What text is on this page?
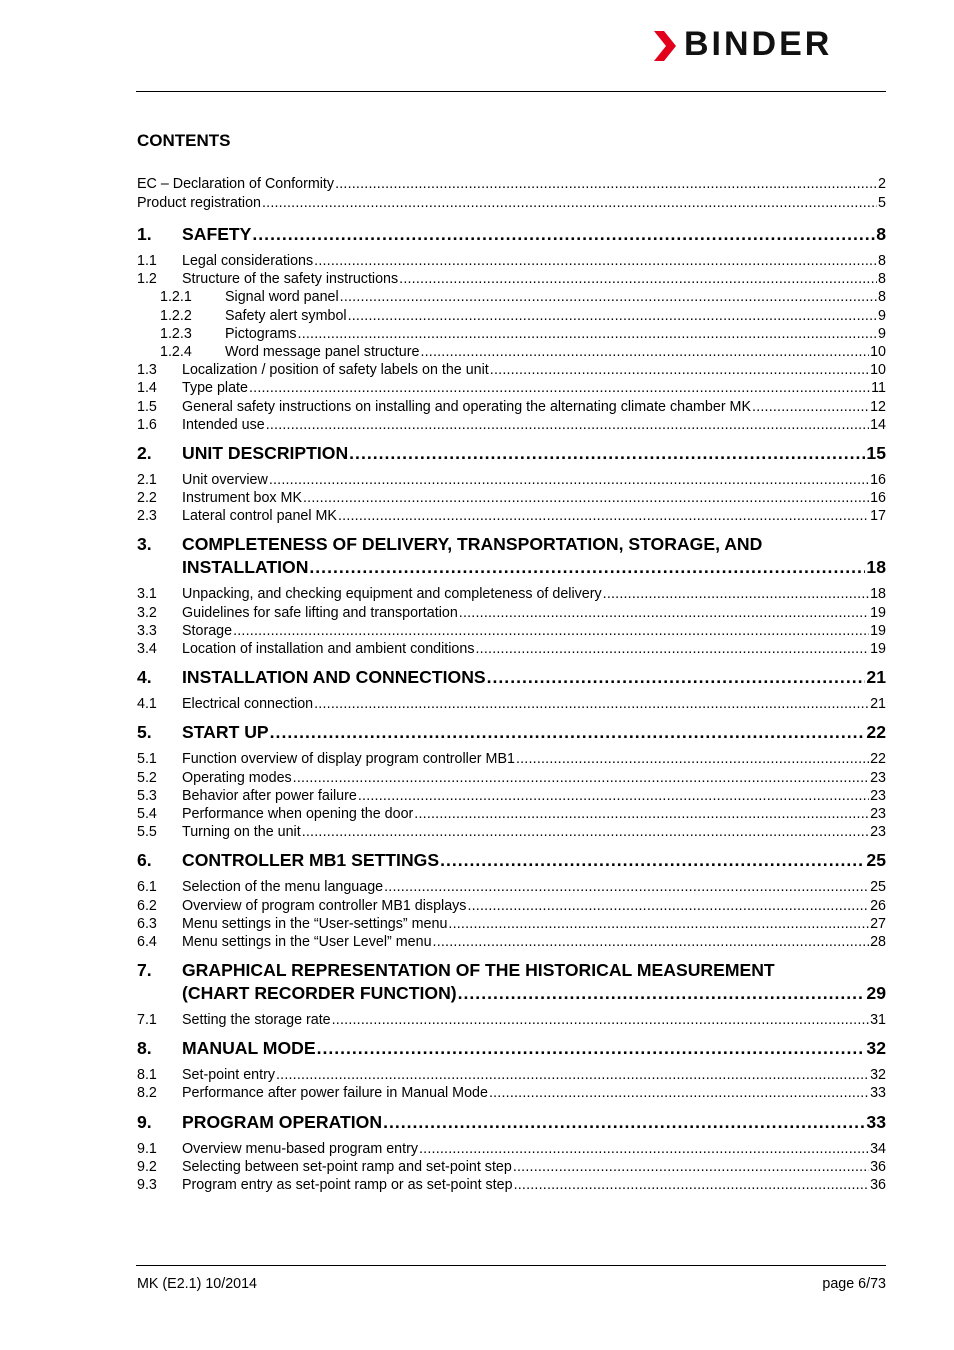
BINDER
CONTENTS
EC – Declaration of Conformity .....	2
Product registration .....	5
1.	SAFETY .....	8
1.1	Legal considerations .....	8
1.2	Structure of the safety instructions .....	8
1.2.1	Signal word panel .....	8
1.2.2	Safety alert symbol .....	9
1.2.3	Pictograms .....	9
1.2.4	Word message panel structure .....	10
1.3	Localization / position of safety labels on the unit .....	10
1.4	Type plate .....	11
1.5	General safety instructions on installing and operating the alternating climate chamber MK .....	12
1.6	Intended use .....	14
2.	UNIT DESCRIPTION .....	15
2.1	Unit overview .....	16
2.2	Instrument box MK .....	16
2.3	Lateral control panel MK .....	17
3.	COMPLETENESS OF DELIVERY, TRANSPORTATION, STORAGE, AND
INSTALLATION .....	18
3.1	Unpacking, and checking equipment and completeness of delivery .....	18
3.2	Guidelines for safe lifting and transportation .....	19
3.3	Storage .....	19
3.4	Location of installation and ambient conditions .....	19
4.	INSTALLATION AND CONNECTIONS .....	21
4.1	Electrical connection .....	21
5.	START UP .....	22
5.1	Function overview of display program controller MB1 .....	22
5.2	Operating modes .....	23
5.3	Behavior after power failure .....	23
5.4	Performance when opening the door .....	23
5.5	Turning on the unit .....	23
6.	CONTROLLER MB1 SETTINGS .....	25
6.1	Selection of the menu language .....	25
6.2	Overview of program controller MB1 displays .....	26
6.3	Menu settings in the “User-settings” menu .....	27
6.4	Menu settings in the “User Level” menu .....	28
7.	GRAPHICAL REPRESENTATION OF THE HISTORICAL MEASUREMENT
(CHART RECORDER FUNCTION) .....	29
7.1	Setting the storage rate .....	31
8.	MANUAL MODE .....	32
8.1	Set-point entry .....	32
8.2	Performance after power failure in Manual Mode .....	33
9.	PROGRAM OPERATION .....	33
9.1	Overview menu-based program entry .....	34
9.2	Selecting between set-point ramp and set-point step .....	36
9.3	Program entry as set-point ramp or as set-point step .....	36
MK (E2.1) 10/2014	page 6/73
